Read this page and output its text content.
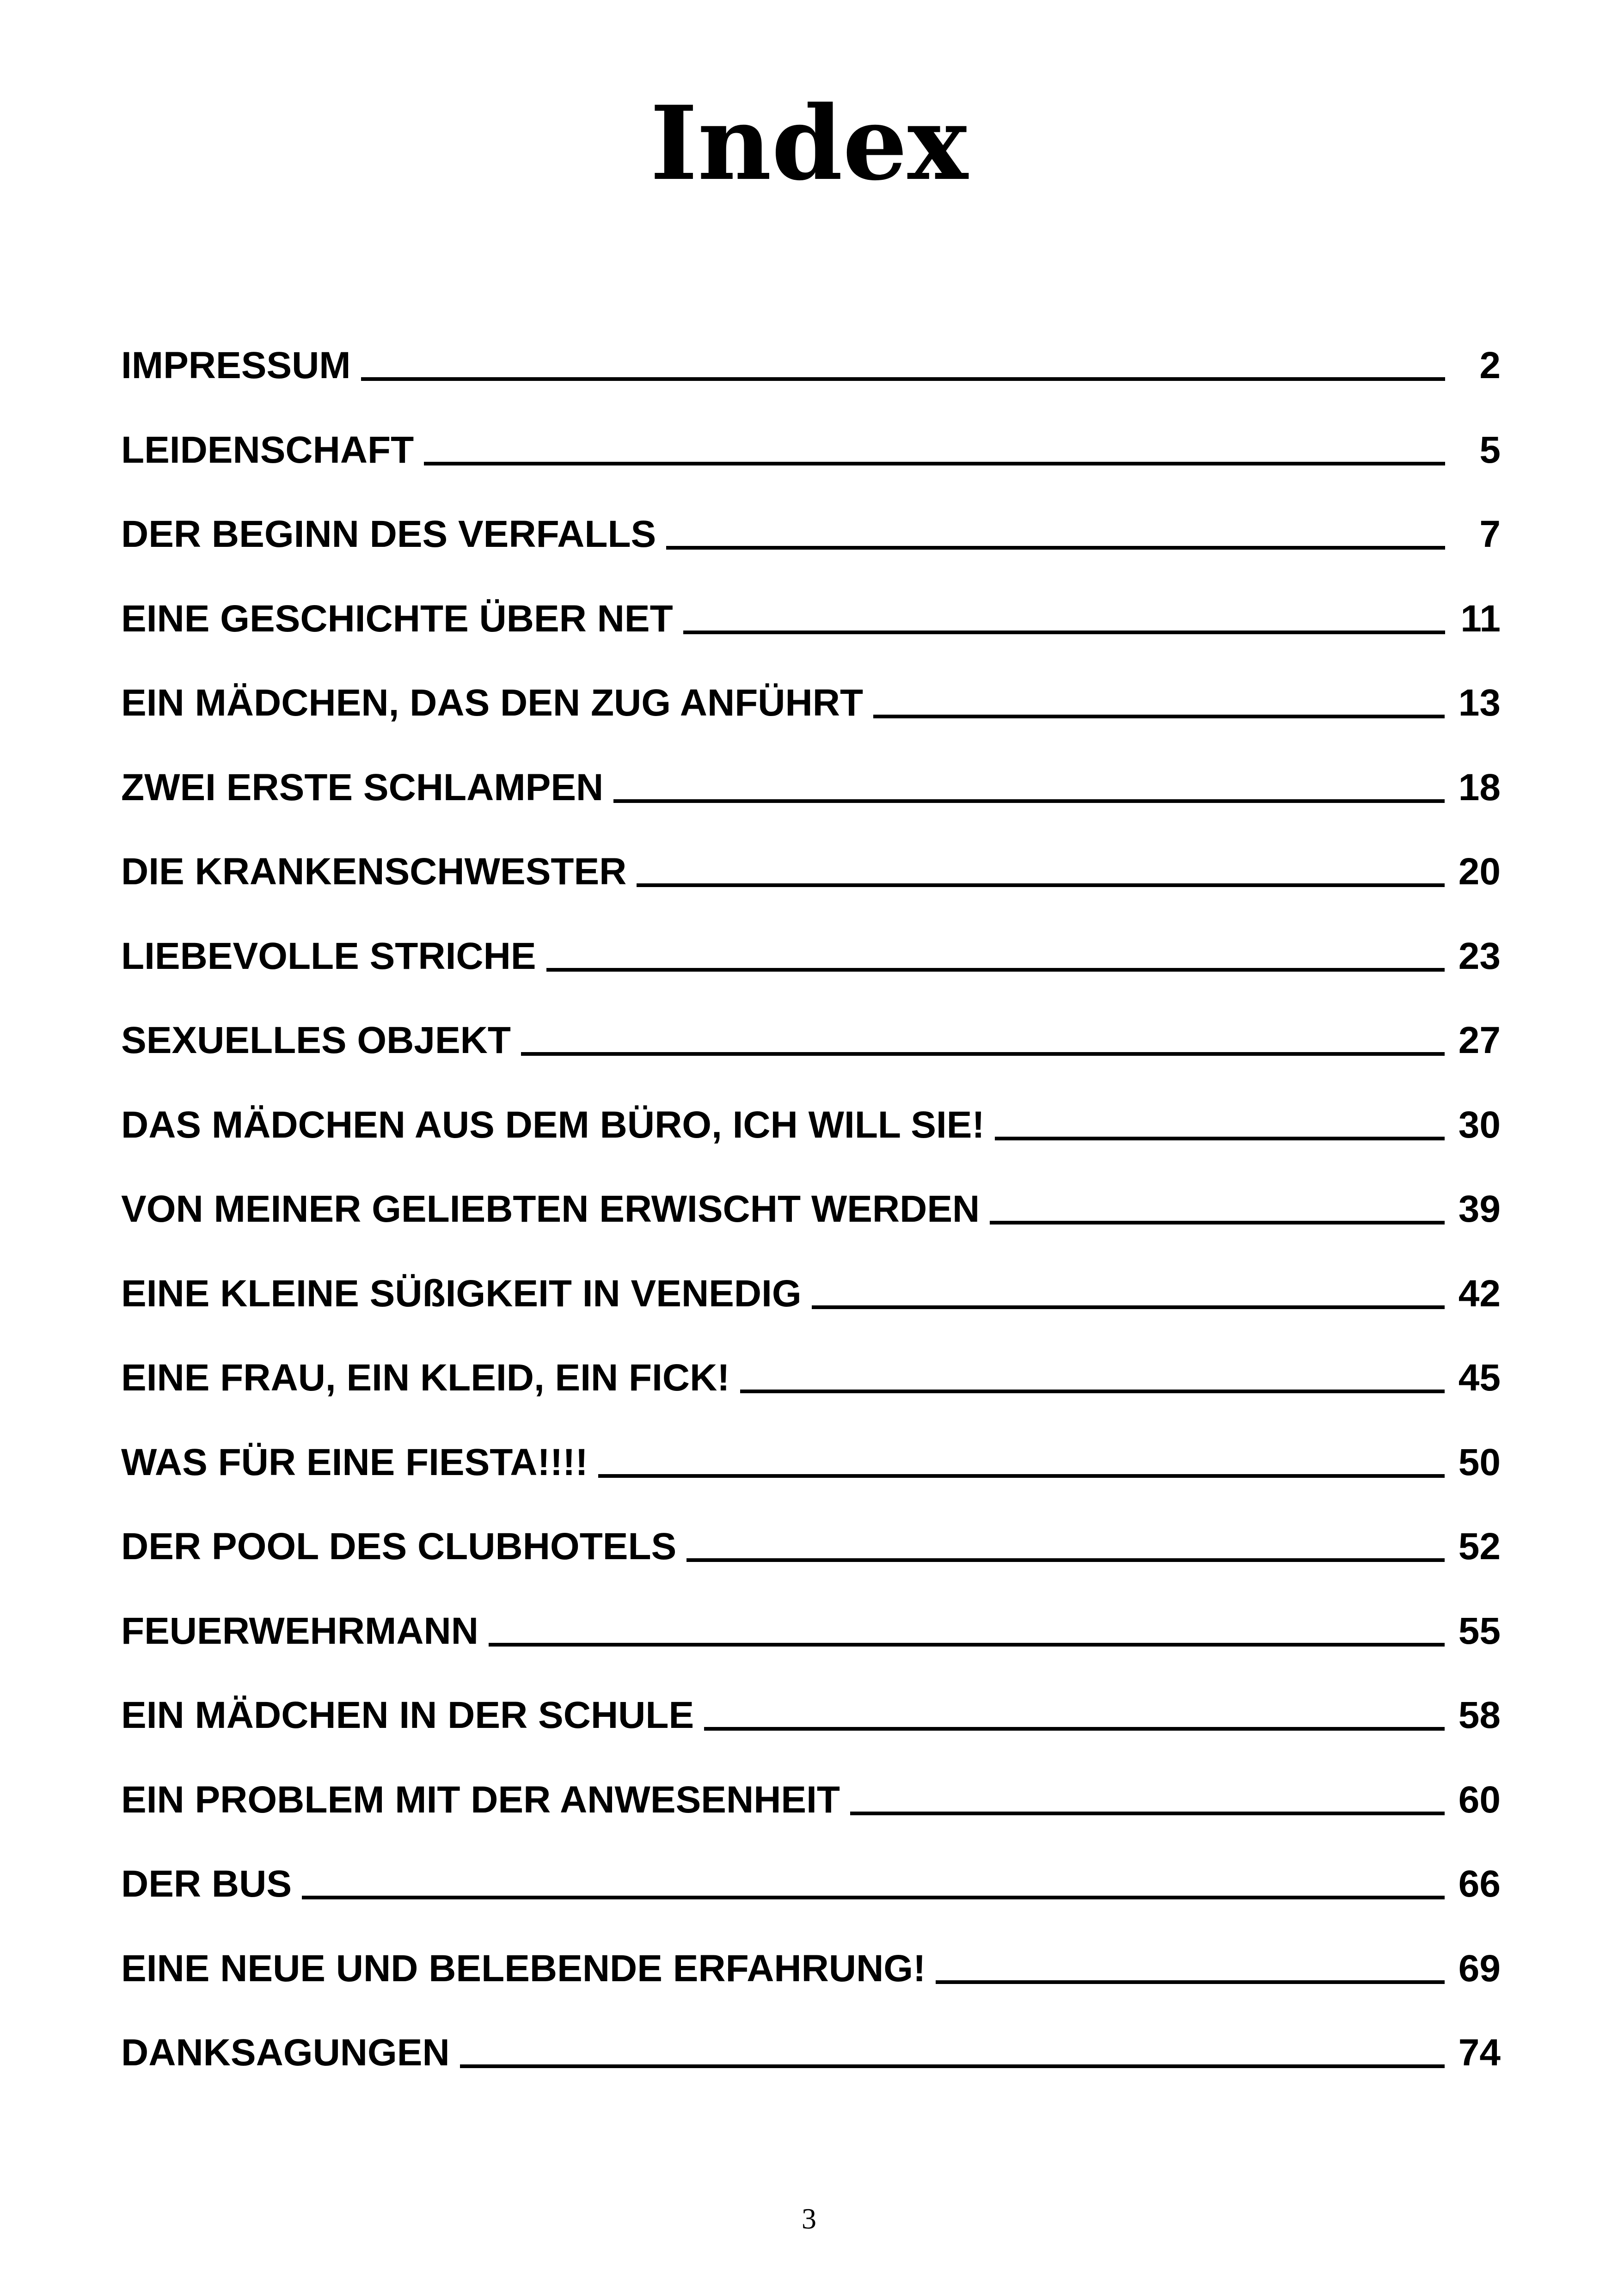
Index
IMPRESSUM	2
LEIDENSCHAFT	5
DER BEGINN DES VERFALLS	7
EINE GESCHICHTE ÜBER NET	11
EIN MÄDCHEN, DAS DEN ZUG ANFÜHRT	13
ZWEI ERSTE SCHLAMPEN	18
DIE KRANKENSCHWESTER	20
LIEBEVOLLE STRICHE	23
SEXUELLES OBJEKT	27
DAS MÄDCHEN AUS DEM BÜRO, ICH WILL SIE!	30
VON MEINER GELIEBTEN ERWISCHT WERDEN	39
EINE KLEINE SÜßIGKEIT IN VENEDIG	42
EINE FRAU, EIN KLEID, EIN FICK!	45
WAS FÜR EINE FIESTA!!!!	50
DER POOL DES CLUBHOTELS	52
FEUERWEHRMANN	55
EIN MÄDCHEN IN DER SCHULE	58
EIN PROBLEM MIT DER ANWESENHEIT	60
DER BUS	66
EINE NEUE UND BELEBENDE ERFAHRUNG!	69
DANKSAGUNGEN	74
3
